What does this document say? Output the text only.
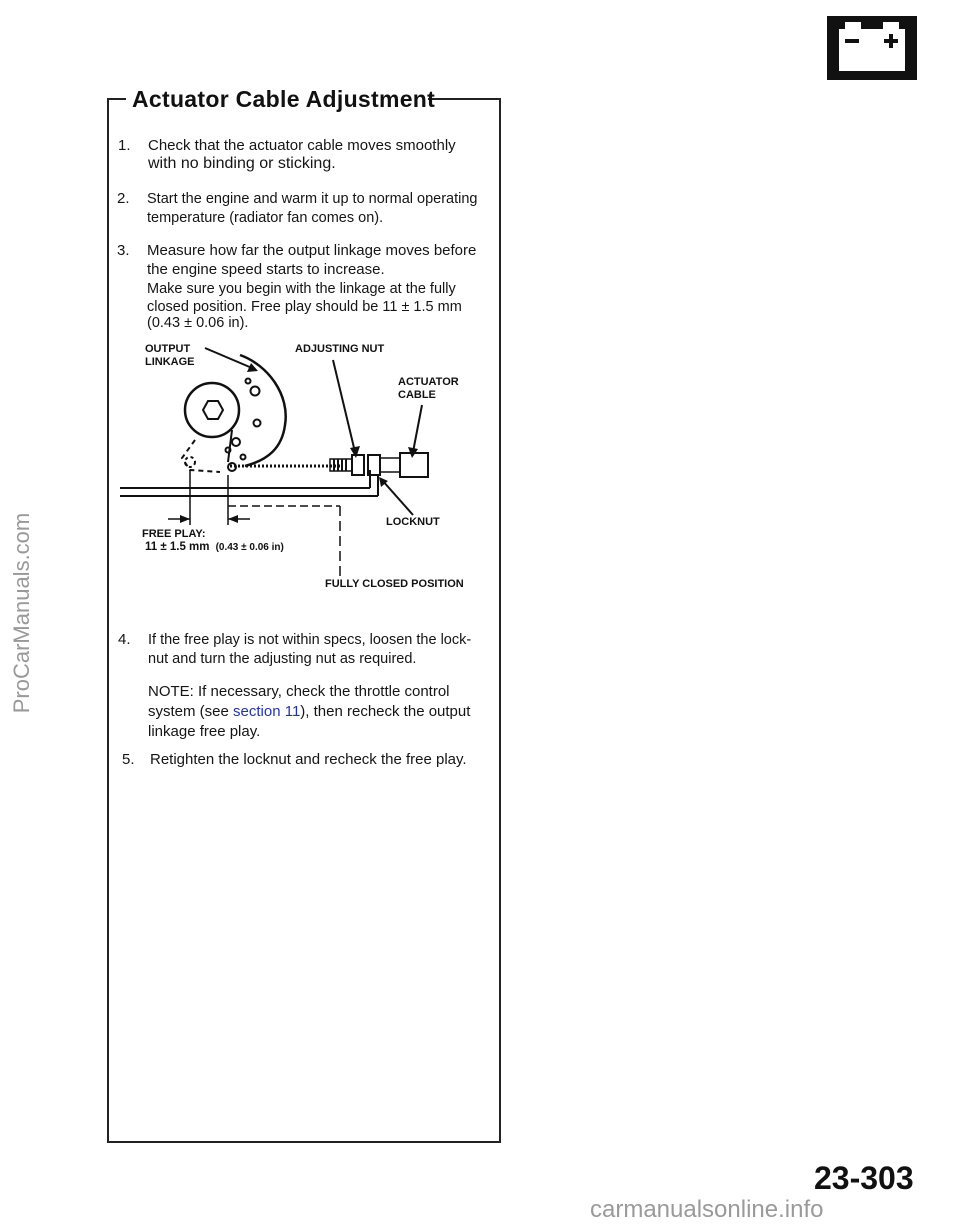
Actuator Cable Adjustment
1. Check that the actuator cable moves smoothly
with no binding or sticking.
2. Start the engine and warm it up to normal operating
temperature (radiator fan comes on).
3. Measure how far the output linkage moves before
the engine speed starts to increase.
Make sure you begin with the linkage at the fully
closed position. Free play should be 11 ± 1.5 mm
(0.43 ± 0.06 in).
OUTPUT
LINKAGE
ADJUSTING NUT
ACTUATOR
CABLE
LOCKNUT
FREE PLAY:
11 ± 1.5 mm (0.43 ± 0.06 in)
FULLY CLOSED POSITION
4. If the free play is not within specs, loosen the lock-
nut and turn the adjusting nut as required.
NOTE: If necessary, check the throttle control
system (see section 11), then recheck the output
linkage free play.
5. Retighten the locknut and recheck the free play.
23-303
ProCarManuals.com
carmanualsonline.info
